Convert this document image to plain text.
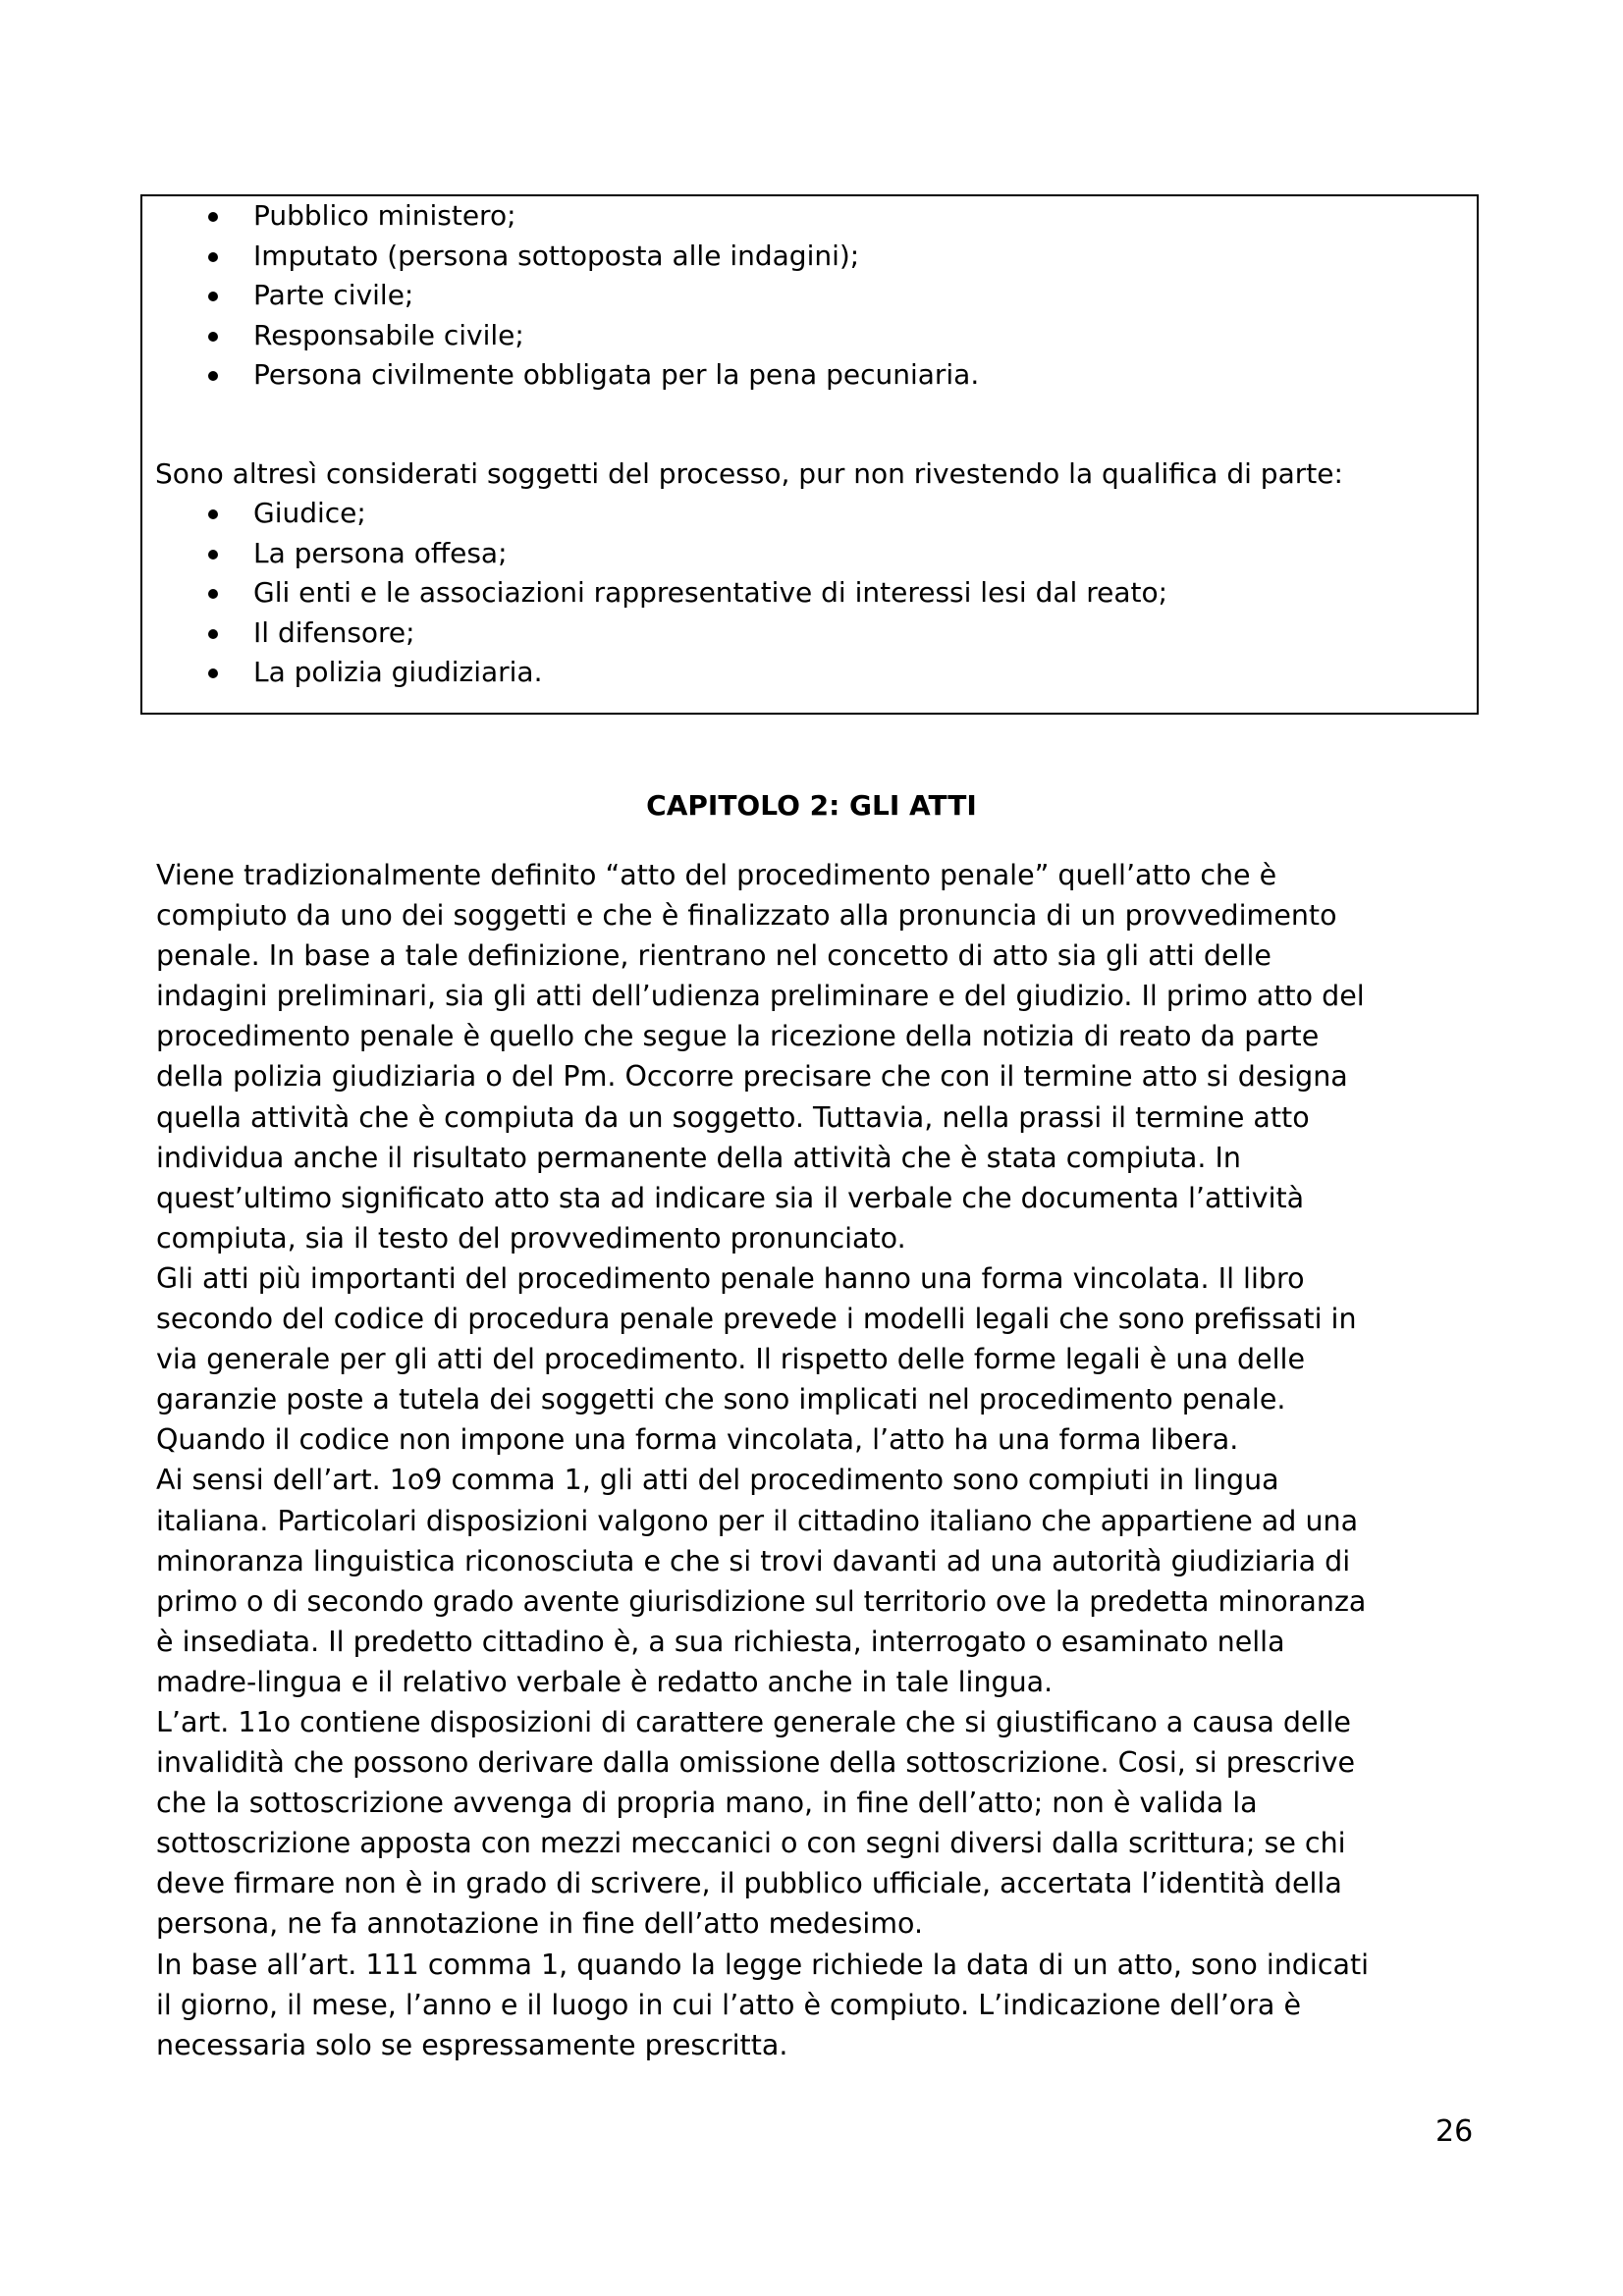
Pubblico ministero;
Imputato (persona sottoposta alle indagini);
Parte civile;
Responsabile civile;
Persona civilmente obbligata per la pena pecuniaria.
Sono altresì considerati soggetti del processo, pur non rivestendo la qualifica di parte:
Giudice;
La persona offesa;
Gli enti e le associazioni rappresentative di interessi lesi dal reato;
Il difensore;
La polizia giudiziaria.
CAPITOLO 2: GLI ATTI
Viene tradizionalmente definito “atto del procedimento penale” quell’atto che è
compiuto da uno dei soggetti e che è finalizzato alla pronuncia di un provvedimento
penale. In base a tale definizione, rientrano nel concetto di atto sia gli atti delle
indagini preliminari, sia gli atti dell’udienza preliminare e del giudizio. Il primo atto del
procedimento penale è quello che segue la ricezione della notizia di reato da parte
della polizia giudiziaria o del Pm. Occorre precisare che con il termine atto si designa
quella attività che è compiuta da un soggetto. Tuttavia, nella prassi il termine atto
individua anche il risultato permanente della attività che è stata compiuta. In
quest’ultimo significato atto sta ad indicare sia il verbale che documenta l’attività
compiuta, sia il testo del provvedimento pronunciato.
Gli atti più importanti del procedimento penale hanno una forma vincolata. Il libro
secondo del codice di procedura penale prevede i modelli legali che sono prefissati in
via generale per gli atti del procedimento. Il rispetto delle forme legali è una delle
garanzie poste a tutela dei soggetti che sono implicati nel procedimento penale.
Quando il codice non impone una forma vincolata, l’atto ha una forma libera.
Ai sensi dell’art. 1o9 comma 1, gli atti del procedimento sono compiuti in lingua
italiana. Particolari disposizioni valgono per il cittadino italiano che appartiene ad una
minoranza linguistica riconosciuta e che si trovi davanti ad una autorità giudiziaria di
primo o di secondo grado avente giurisdizione sul territorio ove la predetta minoranza
è insediata. Il predetto cittadino è, a sua richiesta, interrogato o esaminato nella
madre-lingua e il relativo verbale è redatto anche in tale lingua.
L’art. 11o contiene disposizioni di carattere generale che si giustificano a causa delle
invalidità che possono derivare dalla omissione della sottoscrizione. Cosi, si prescrive
che la sottoscrizione avvenga di propria mano, in fine dell’atto; non è valida la
sottoscrizione apposta con mezzi meccanici o con segni diversi dalla scrittura; se chi
deve firmare non è in grado di scrivere, il pubblico ufficiale, accertata l’identità della
persona, ne fa annotazione in fine dell’atto medesimo.
In base all’art. 111 comma 1, quando la legge richiede la data di un atto, sono indicati
il giorno, il mese, l’anno e il luogo in cui l’atto è compiuto. L’indicazione dell’ora è
necessaria solo se espressamente prescritta.
26
